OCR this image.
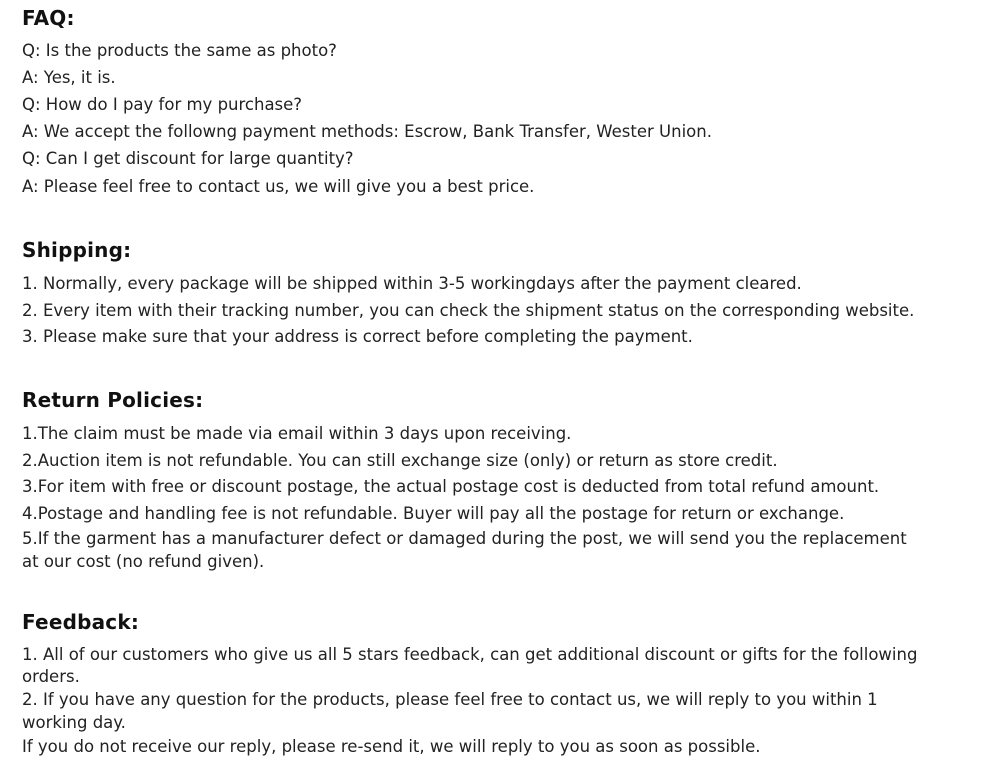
FAQ:
Q: Is the products the same as photo?
A: Yes, it is.
Q: How do I pay for my purchase?
A: We accept the followng payment methods: Escrow, Bank Transfer, Wester Union.
Q: Can I get discount for large quantity?
A: Please feel free to contact us, we will give you a best price.
Shipping:
1. Normally, every package will be shipped within 3-5 workingdays after the payment cleared.
2. Every item with their tracking number, you can check the shipment status on the corresponding website.
3. Please make sure that your address is correct before completing the payment.
Return Policies:
1.The claim must be made via email within 3 days upon receiving.
2.Auction item is not refundable. You can still exchange size (only) or return as store credit.
3.For item with free or discount postage, the actual postage cost is deducted from total refund amount.
4.Postage and handling fee is not refundable. Buyer will pay all the postage for return or exchange.
5.If the garment has a manufacturer defect or damaged during the post, we will send you the replacement
at our cost (no refund given).
Feedback:
1. All of our customers who give us all 5 stars feedback, can get additional discount or gifts for the following
orders.
2. If you have any question for the products, please feel free to contact us, we will reply to you within 1
working day.
If you do not receive our reply, please re-send it, we will reply to you as soon as possible.
